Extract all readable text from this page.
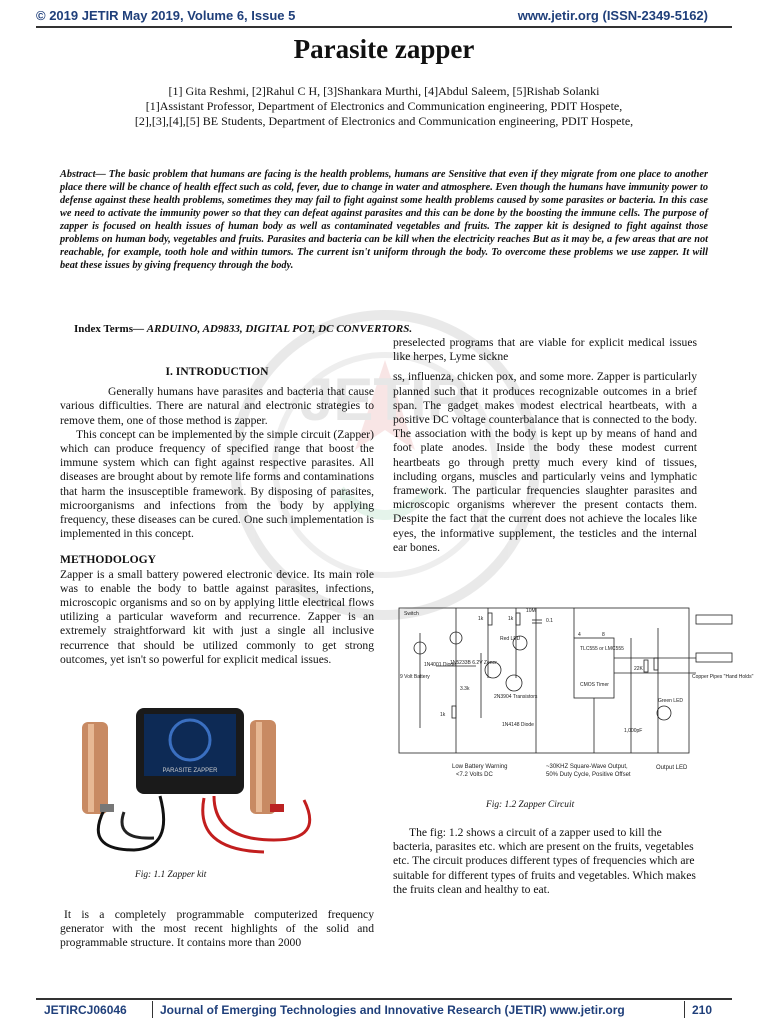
© 2019 JETIR May 2019, Volume 6, Issue 5	www.jetir.org (ISSN-2349-5162)
JETIR
Parasite zapper
[1] Gita Reshmi, [2]Rahul C H, [3]Shankara Murthi, [4]Abdul Saleem, [5]Rishab Solanki
[1]Assistant Professor, Department of Electronics and Communication engineering, PDIT Hospete,
[2],[3],[4],[5] BE Students, Department of Electronics and Communication engineering, PDIT Hospete,
Abstract— The basic problem that humans are facing is the health problems, humans are Sensitive that even if they migrate from one place to another place there will be chance of health effect such as cold, fever, due to change in water and atmosphere. Even though the humans have immunity power to defense against these health problems, sometimes they may fail to fight against some health problems caused by some parasites or bacteria. In this case we need to activate the immunity power so that they can defeat against parasites and this can be done by the boosting the immune cells. The purpose of zapper is focused on health issues of human body as well as contaminated vegetables and fruits. The zapper kit is designed to fight against those problems on human body, vegetables and fruits. Parasites and bacteria can be kill when the electricity reaches But as it may be, a few areas that are not reachable, for example, tooth hole and within tumors. The current isn't uniform through the body. To overcome these problems we use zapper. It will beat these issues by giving frequency through the body.
Index Terms— ARDUINO, AD9833, DIGITAL POT, DC CONVERTORS.

I. INTRODUCTION

Generally humans have parasites and bacteria that cause various difficulties. There are natural and electronic strategies to remove them, one of those method is zapper.

This concept can be implemented by the simple circuit (Zapper) which can produce frequency of specified range that boost the immune system which can fight against respective parasites. All diseases are brought about by remote life forms and contaminations that harm the insusceptible framework. By disposing of parasites, microorganisms and infections from the body by applying frequency, these diseases can be cured. One such implementation is implemented in this concept.

METHODOLOGY

Zapper is a small battery powered electronic device. Its main role was to enable the body to battle against parasites, infections, microscopic organisms and so on by applying little electrical flows utilizing a particular waveform and recurrence. Zapper is an extremely straightforward kit with just a single all inclusive recurrence that should be utilized commonly to get strong outcomes, yet isn't so powerful for explicit medical issues.

PARASITE ZAPPER
Fig: 1.1 Zapper kit

It is a completely programmable computerized frequency generator with the most recent highlights of the solid and programmable structure. It contains more than 2000

preselected programs that are viable for explicit medical issues like herpes, Lyme sickne

ss, influenza, chicken pox, and some more. Zapper is particularly planned such that it produces recognizable outcomes in a brief span. The gadget makes modest electrical heartbeats, with a positive DC voltage counterbalance that is connected to the body. The association with the body is kept up by means of hand and foot plate anodes. Inside the body these modest current heartbeats go through pretty much every kind of tissues, including organs, muscles and particularly veins and lymphatic framework. The particular frequencies slaughter parasites and microscopic organisms wherever the present contacts them. Despite the fact that the current does not achieve the locales like eyes, the informative supplement, the testicles and the internal ear bones.

Switch
9 Volt Battery
1N4001 Diode
1N5233B 6.2V Zener
3.3k
2N3904 Transistors
Red LED
1N4148 Diode
1k	1k
1k
10M
0.1
TLC555 or LMC555
CMOS Timer
4	8
22K
1,000pF
Green LED
Copper Pipes "Hand Holds"
Low Battery Warning
<7.2 Volts DC
~30KHZ Square-Wave Output,
50% Duty Cycle, Positive Offset
Output LED
Fig: 1.2 Zapper Circuit

The fig: 1.2 shows a circuit of a zapper used to kill the bacteria, parasites etc. which are present on the fruits, vegetables etc. The circuit produces different types of frequencies which are suitable for different types of fruits and vegetables. Which makes the fruits clean and healthy to eat.

JETIRCJ06046	Journal of Emerging Technologies and Innovative Research (JETIR) www.jetir.org	210
